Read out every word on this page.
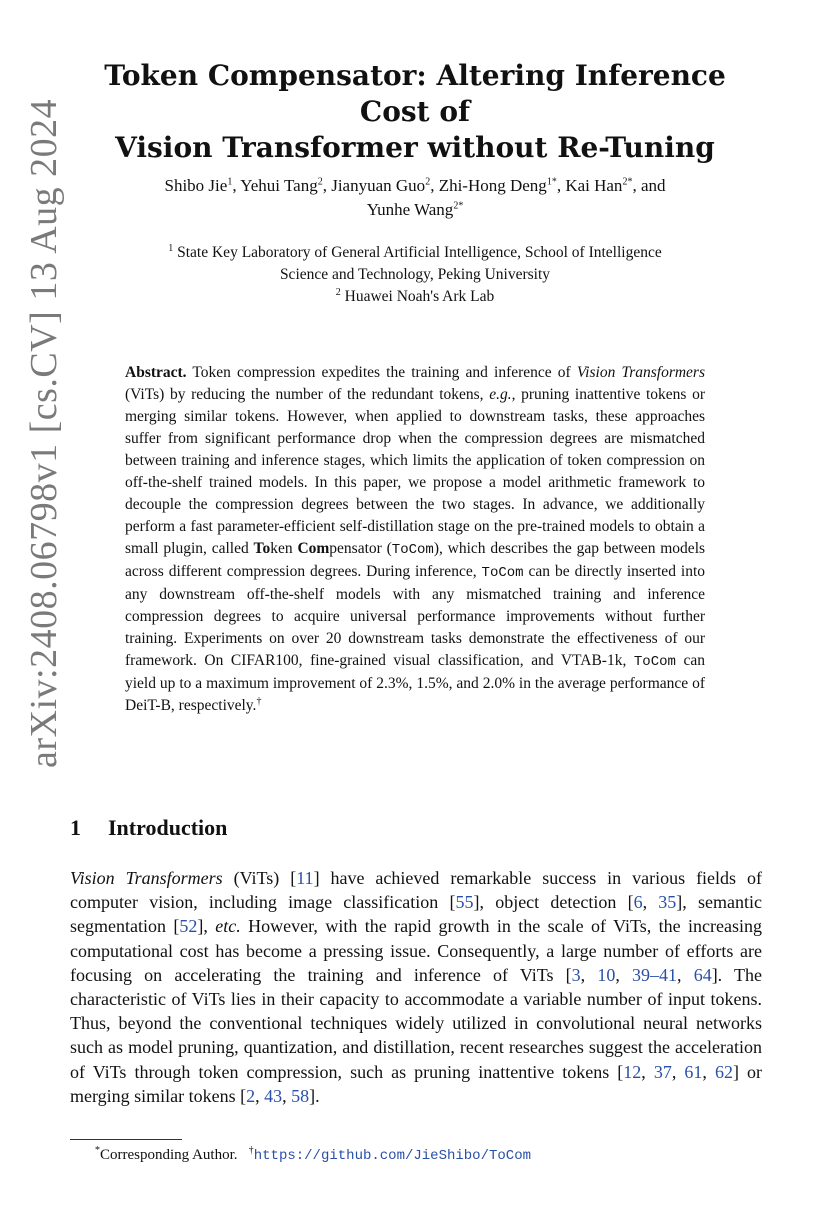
arXiv:2408.06798v1 [cs.CV] 13 Aug 2024
Token Compensator: Altering Inference Cost of
Vision Transformer without Re-Tuning
Shibo Jie$^1$, Yehui Tang$^2$, Jianyuan Guo$^2$, Zhi-Hong Deng$^{1*}$, Kai Han$^{2*}$, and
Yunhe Wang$^{2*}$
$^1$ State Key Laboratory of General Artificial Intelligence, School of Intelligence
Science and Technology, Peking University
$^2$ Huawei Noah's Ark Lab
Abstract. Token compression expedites the training and inference of Vision Transformers (ViTs) by reducing the number of the redundant tokens, e.g., pruning inattentive tokens or merging similar tokens. However, when applied to downstream tasks, these approaches suffer from significant performance drop when the compression degrees are mismatched between training and inference stages, which limits the application of token compression on off-the-shelf trained models. In this paper, we propose a model arithmetic framework to decouple the compression degrees between the two stages. In advance, we additionally perform a fast parameter-efficient self-distillation stage on the pre-trained models to obtain a small plugin, called Token Compensator (ToCom), which describes the gap between models across different compression degrees. During inference, ToCom can be directly inserted into any downstream off-the-shelf models with any mismatched training and inference compression degrees to acquire universal performance improvements without further training. Experiments on over 20 downstream tasks demonstrate the effectiveness of our framework. On CIFAR100, fine-grained visual classification, and VTAB-1k, ToCom can yield up to a maximum improvement of 2.3%, 1.5%, and 2.0% in the average performance of DeiT-B, respectively.†
1 Introduction
Vision Transformers (ViTs) [11] have achieved remarkable success in various fields of computer vision, including image classification [55], object detection [6, 35], semantic segmentation [52], etc. However, with the rapid growth in the scale of ViTs, the increasing computational cost has become a pressing issue. Consequently, a large number of efforts are focusing on accelerating the training and inference of ViTs [3, 10, 39–41, 64]. The characteristic of ViTs lies in their capacity to accommodate a variable number of input tokens. Thus, beyond the conventional techniques widely utilized in convolutional neural networks such as model pruning, quantization, and distillation, recent researches suggest the acceleration of ViTs through token compression, such as pruning inattentive tokens [12, 37, 61, 62] or merging similar tokens [2, 43, 58].
*Corresponding Author. †https://github.com/JieShibo/ToCom
